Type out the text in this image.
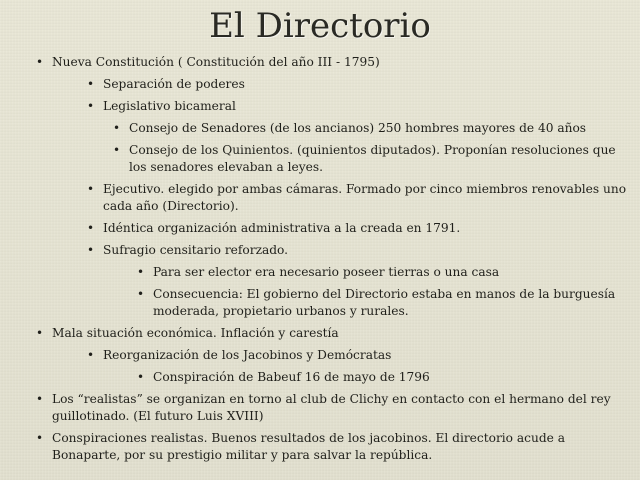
El Directorio
• Nueva Constitución ( Constitución del año III - 1795)
• Separación de poderes
• Legislativo bicameral
• Consejo de Senadores (de los ancianos) 250 hombres mayores de 40 años
• Consejo de los Quinientos. (quinientos diputados). Proponían resoluciones que los senadores elevaban a leyes.
• Ejecutivo. elegido por ambas cámaras. Formado por cinco miembros renovables uno cada año (Directorio).
• Idéntica organización administrativa a la creada en 1791.
• Sufragio censitario reforzado.
• Para ser elector era necesario poseer tierras o una casa
• Consecuencia: El gobierno del Directorio estaba en manos de la burguesía moderada, propietario urbanos y rurales.
• Mala situación económica. Inflación y carestía
• Reorganización de los Jacobinos y Demócratas
• Conspiración de Babeuf 16 de mayo de 1796
• Los “realistas” se organizan en torno al club de Clichy en contacto con el hermano del rey guillotinado. (El futuro Luis XVIII)
• Conspiraciones realistas. Buenos resultados de los jacobinos. El directorio acude a Bonaparte, por su prestigio militar y para salvar la república.
